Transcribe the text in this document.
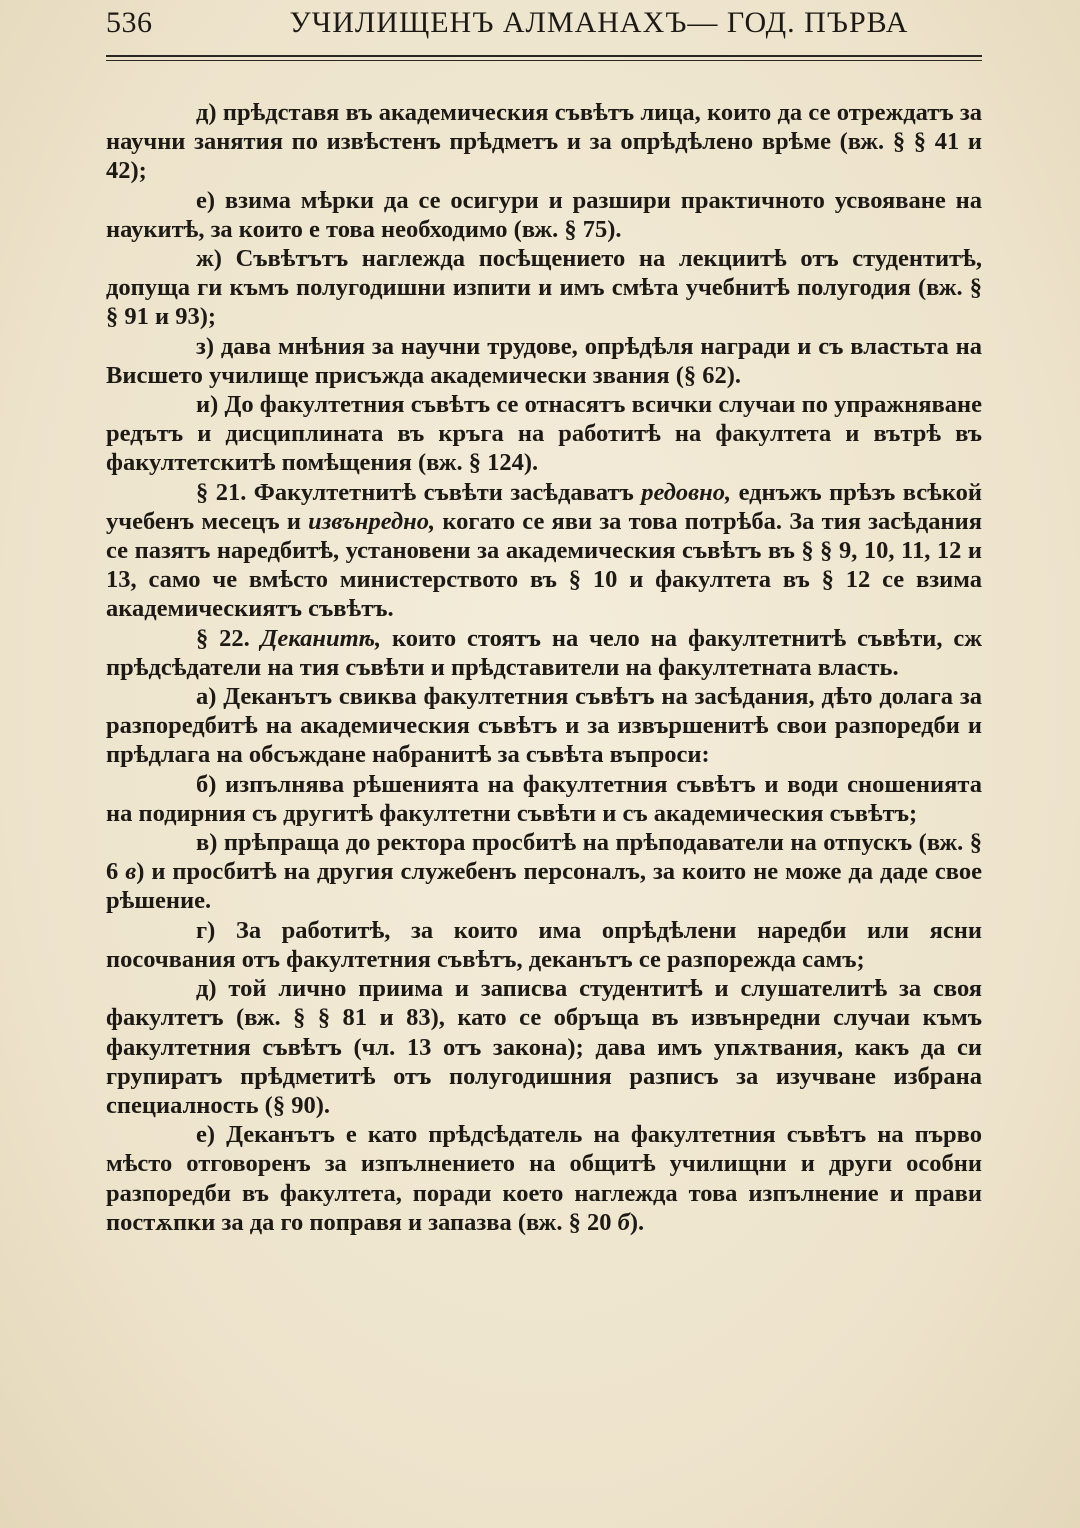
536	УЧИЛИЩЕНЪ АЛМАНАХЪ— ГОД. ПЪРВА

д) прѣдставя въ академическия съвѣтъ лица, които да се отреждатъ за научни занятия по извѣстенъ прѣдметъ и за опрѣдѣлено врѣме (вж. § § 41 и 42);

е) взима мѣрки да се осигури и разшири практичното усвояване на наукитѣ, за които е това необходимо (вж. § 75).

ж) Съвѣтътъ наглежда посѣщението на лекциитѣ отъ студентитѣ, допуща ги къмъ полугодишни изпити и имъ смѣта учебнитѣ полугодия (вж. § § 91 и 93);

з) дава мнѣния за научни трудове, опрѣдѣля награди и съ властьта на Висшето училище присъжда академически звания (§ 62).

и) До факултетния съвѣтъ се отнасятъ всички случаи по упражняване редътъ и дисциплината въ кръга на работитѣ на факултета и вътрѣ въ факултетскитѣ помѣщения (вж. § 124).

§ 21. Факултетнитѣ съвѣти засѣдаватъ редовно, еднъжъ прѣзъ всѣкой учебенъ месецъ и извънредно, когато се яви за това потрѣба. За тия засѣдания се пазятъ наредбитѣ, установени за академическия съвѣтъ въ § § 9, 10, 11, 12 и 13, само че вмѣсто министерството въ § 10 и факултета въ § 12 се взима академическиятъ съвѣтъ.

§ 22. Деканитѣ, които стоятъ на чело на факултетнитѣ съвѣти, сж прѣдсѣдатели на тия съвѣти и прѣдставители на факултетната власть.

а) Деканътъ свиква факултетния съвѣтъ на засѣдания, дѣто долага за разпоредбитѣ на академическия съвѣтъ и за извършенитѣ свои разпоредби и прѣдлага на обсъждане набранитѣ за съвѣта въпроси:

б) изпълнява рѣшенията на факултетния съвѣтъ и води сношенията на подирния съ другитѣ факултетни съвѣти и съ академическия съвѣтъ;

в) прѣпраща до ректора просбитѣ на прѣподаватели на отпускъ (вж. § 6 в) и просбитѣ на другия служебенъ персоналъ, за които не може да даде свое рѣшение.

г) За работитѣ, за които има опрѣдѣлени наредби или ясни посочвания отъ факултетния съвѣтъ, деканътъ се разпорежда самъ;

д) той лично приима и записва студентитѣ и слушателитѣ за своя факултетъ (вж. § § 81 и 83), като се обръща въ извънредни случаи къмъ факултетния съвѣтъ (чл. 13 отъ закона); дава имъ упѫтвания, какъ да си групиратъ прѣдметитѣ отъ полугодишния разписъ за изучване избрана специалность (§ 90).

е) Деканътъ е като прѣдсѣдатель на факултетния съвѣтъ на първо мѣсто отговоренъ за изпълнението на общитѣ училищни и други особни разпоредби въ факултета, поради което наглежда това изпълнение и прави постѫпки за да го поправя и запазва (вж. § 20 б).
